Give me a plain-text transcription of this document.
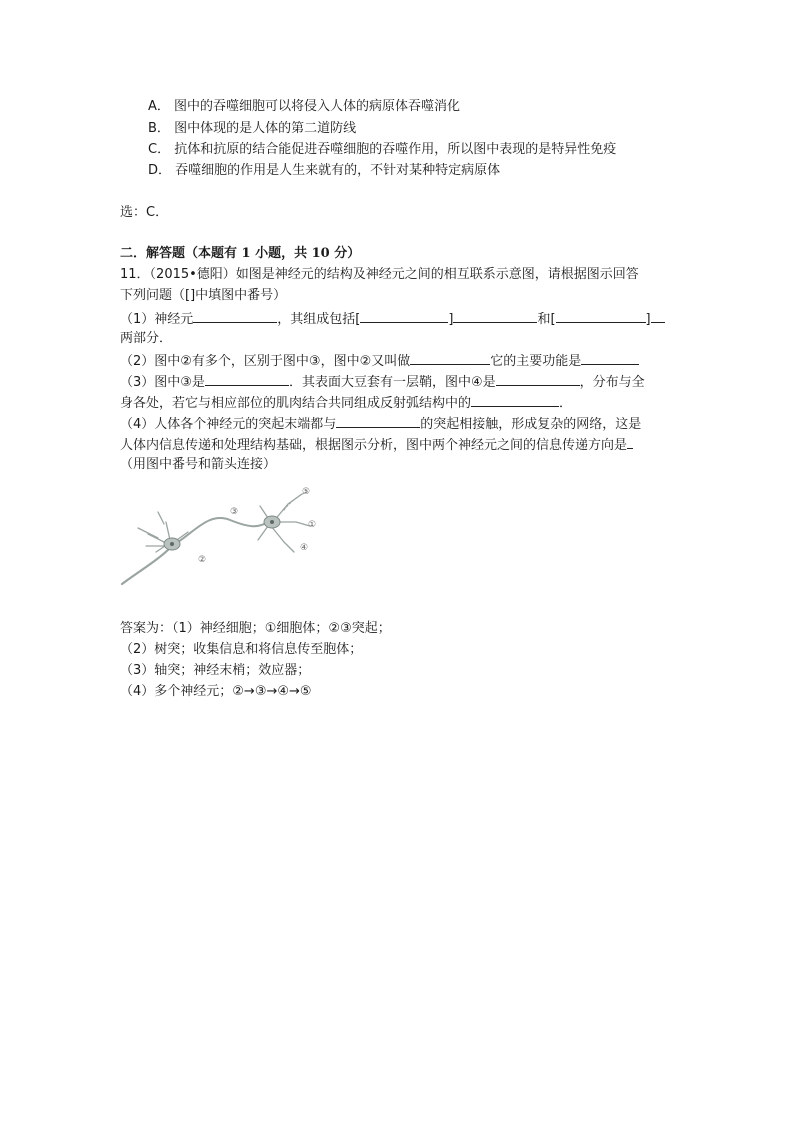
A． 图中的吞噬细胞可以将侵入人体的病原体吞噬消化
B． 图中体现的是人体的第二道防线
C． 抗体和抗原的结合能促进吞噬细胞的吞噬作用，所以图中表现的是特异性免疫
D． 吞噬细胞的作用是人生来就有的，不针对某种特定病原体
选：C．
二．解答题（本题有 1 小题，共 10 分）
11．（2015•德阳）如图是神经元的结构及神经元之间的相互联系示意图，请根据图示回答
下列问题（[]中填图中番号）
（1）神经元	，其组成包括[	]	和[	]
两部分．
（2）图中②有多个，区别于图中③，图中②又叫做	它的主要功能是
（3）图中③是	．其表面大豆套有一层鞘，图中④是	，分布与全
身各处，若它与相应部位的肌肉结合共同组成反射弧结构中的	．
（4）人体各个神经元的突起末端都与	的突起相接触，形成复杂的网络，这是
人体内信息传递和处理结构基础，根据图示分析，图中两个神经元之间的信息传递方向是
（用图中番号和箭头连接）
①
②
③
④
⑤
答案为：（1）神经细胞；①细胞体；②③突起；
（2）树突；收集信息和将信息传至胞体；
（3）轴突；神经末梢；效应器；
（4）多个神经元；②→③→④→⑤
